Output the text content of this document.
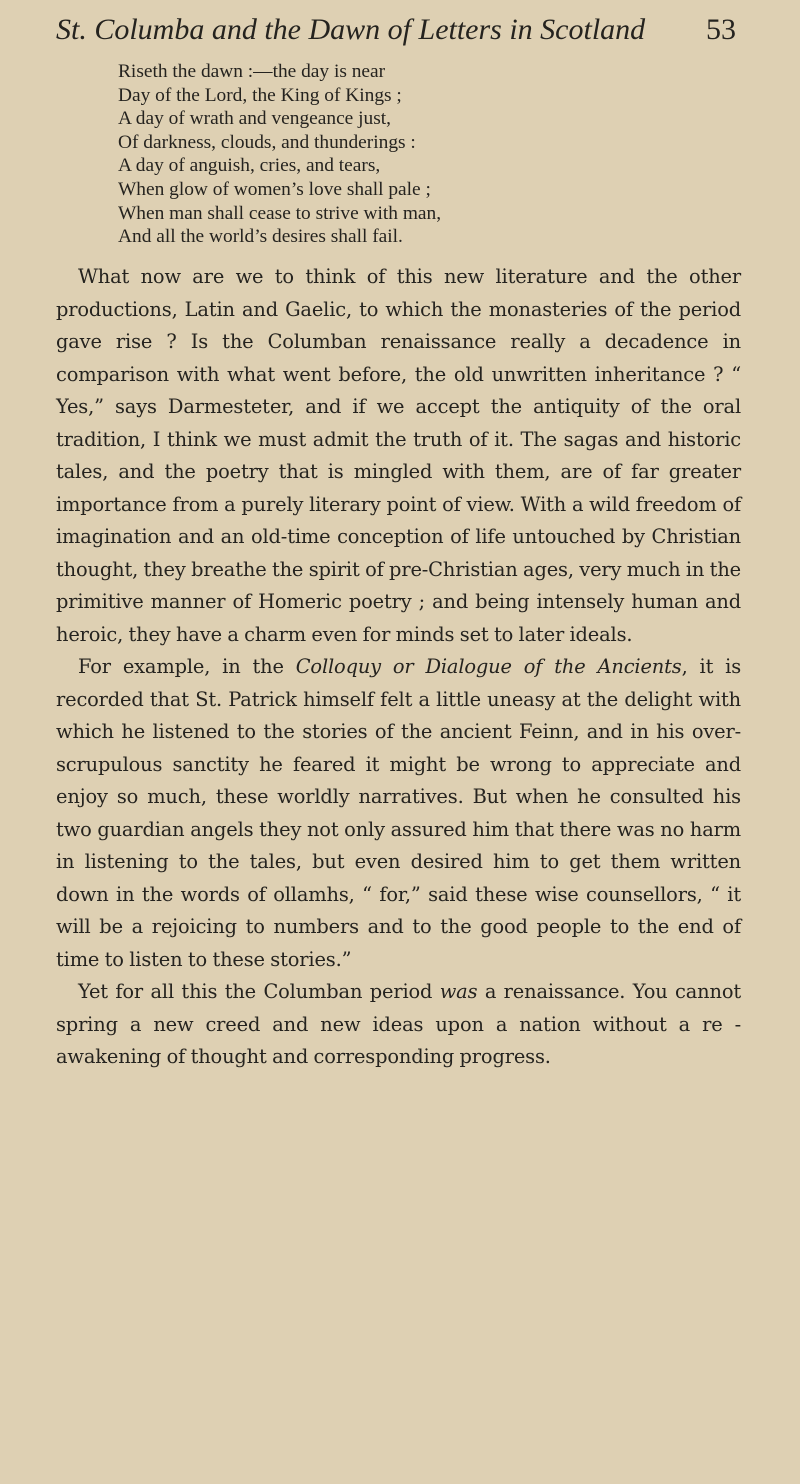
St. Columba and the Dawn of Letters in Scotland 53
Riseth the dawn :—the day is near
Day of the Lord, the King of Kings ;
A day of wrath and vengeance just,
Of darkness, clouds, and thunderings :
A day of anguish, cries, and tears,
When glow of women’s love shall pale ;
When man shall cease to strive with man,
And all the world’s desires shall fail.

What now are we to think of this new literature and the other productions, Latin and Gaelic, to which the monasteries of the period gave rise ? Is the Columban renaissance really a decadence in comparison with what went before, the old unwritten inheritance ? “ Yes,” says Darmesteter, and if we accept the antiquity of the oral tradition, I think we must admit the truth of it. The sagas and historic tales, and the poetry that is mingled with them, are of far greater importance from a purely literary point of view. With a wild freedom of imagination and an old-time conception of life untouched by Christian thought, they breathe the spirit of pre-Christian ages, very much in the primitive manner of Homeric poetry ; and being intensely human and heroic, they have a charm even for minds set to later ideals.

For example, in the Colloquy or Dialogue of the Ancients, it is recorded that St. Patrick himself felt a little uneasy at the delight with which he listened to the stories of the ancient Feinn, and in his over-scrupulous sanctity he feared it might be wrong to appreciate and enjoy so much, these worldly narratives. But when he consulted his two guardian angels they not only assured him that there was no harm in listening to the tales, but even desired him to get them written down in the words of ollamhs, “ for,” said these wise counsellors, “ it will be a rejoicing to numbers and to the good people to the end of time to listen to these stories.”

Yet for all this the Columban period was a renaissance. You cannot spring a new creed and new ideas upon a nation without a re - awakening of thought and corresponding progress.
